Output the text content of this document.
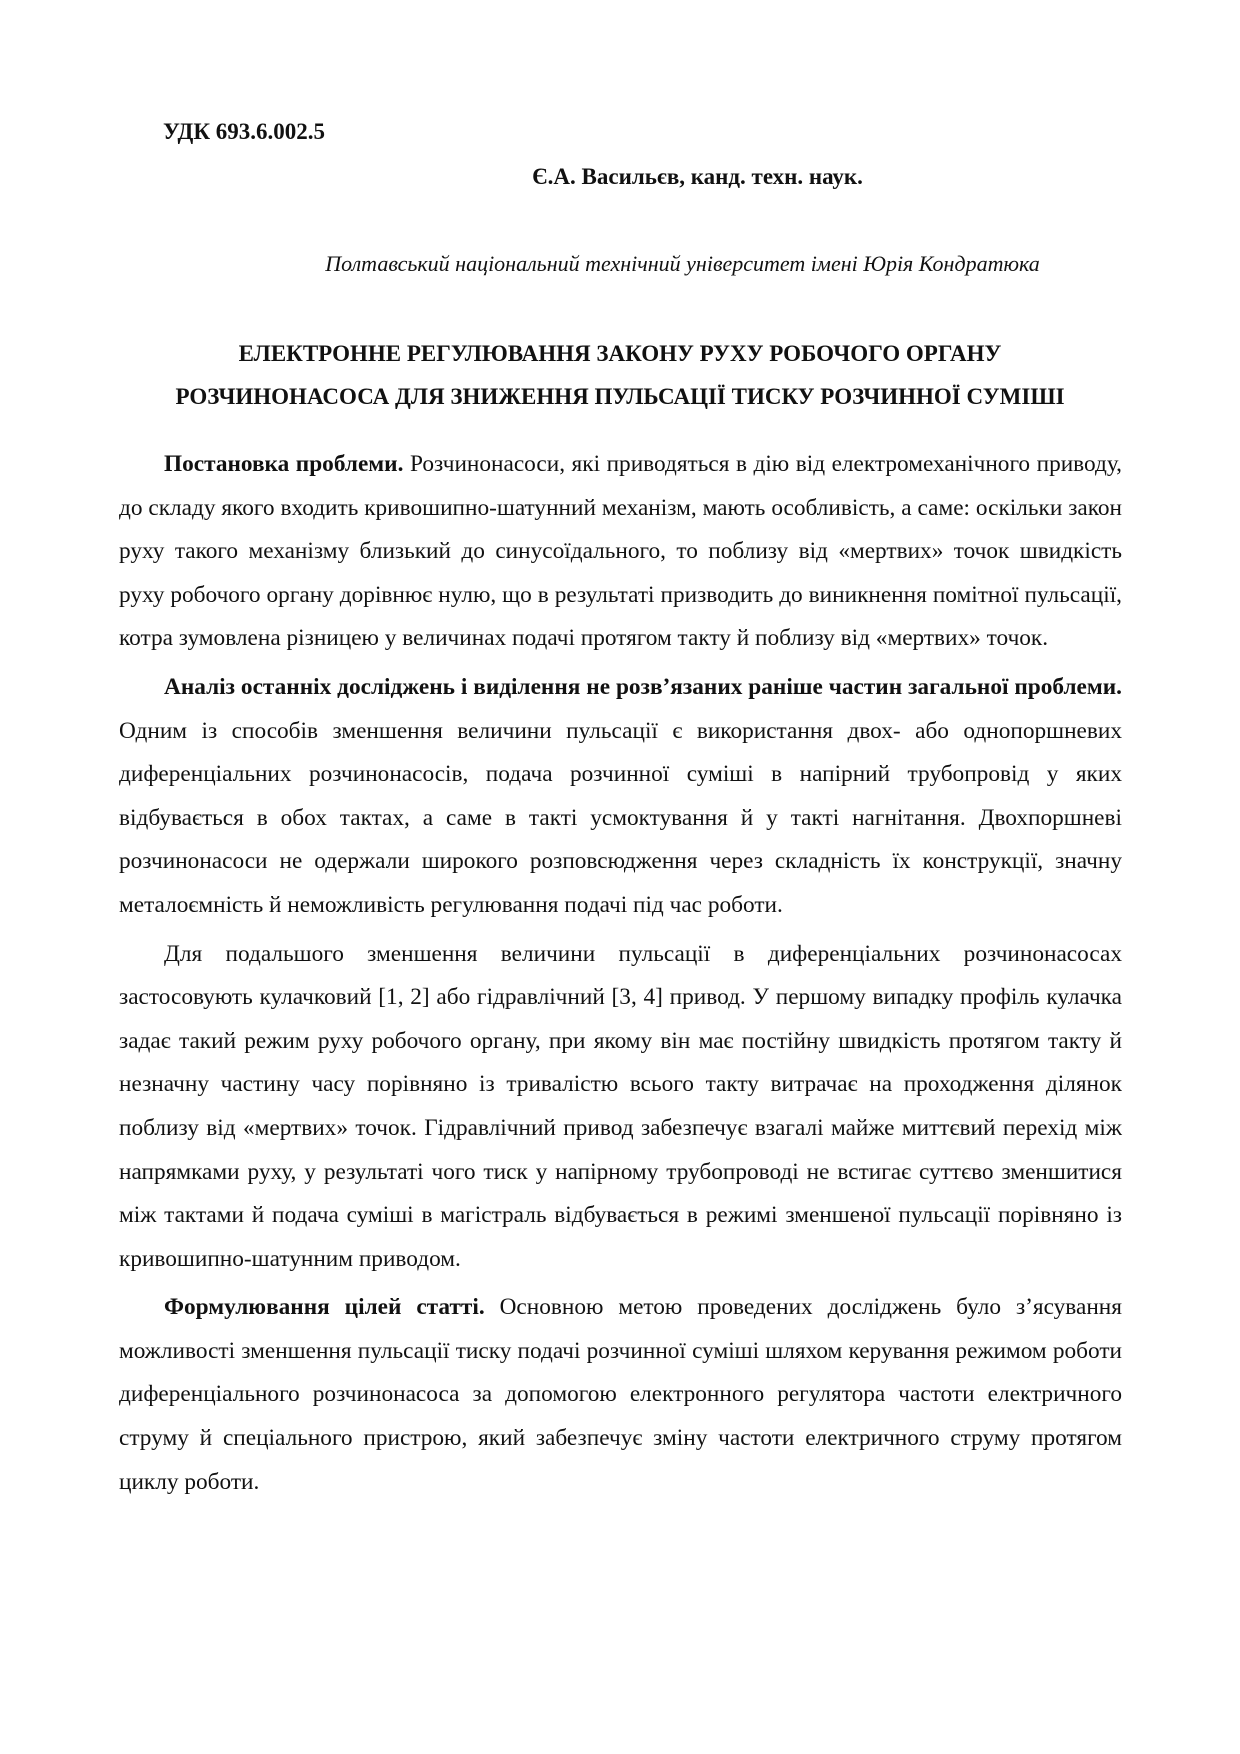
УДК 693.6.002.5
Є.А. Васильєв, канд. техн. наук.
Полтавський національний технічний університет імені Юрія Кондратюка
ЕЛЕКТРОННЕ РЕГУЛЮВАННЯ ЗАКОНУ РУХУ РОБОЧОГО ОРГАНУ
РОЗЧИНОНАСОСА ДЛЯ ЗНИЖЕННЯ ПУЛЬСАЦІЇ ТИСКУ РОЗЧИННОЇ СУМІШІ

Постановка проблеми. Розчинонасоси, які приводяться в дію від електромеханічного приводу, до складу якого входить кривошипно-шатунний механізм, мають особливість, а саме: оскільки закон руху такого механізму близький до синусоїдального, то поблизу від «мертвих» точок швидкість руху робочого органу дорівнює нулю, що в результаті призводить до виникнення помітної пульсації, котра зумовлена різницею у величинах подачі протягом такту й поблизу від «мертвих» точок.

Аналіз останніх досліджень і виділення не розв’язаних раніше частин загальної проблеми. Одним із способів зменшення величини пульсації є використання двох- або однопоршневих диференціальних розчинонасосів, подача розчинної суміші в напірний трубопровід у яких відбувається в обох тактах, а саме в такті усмоктування й у такті нагнітання. Двохпоршневі розчинонасоси не одержали широкого розповсюдження через складність їх конструкції, значну металоємність й неможливість регулювання подачі під час роботи.

Для подальшого зменшення величини пульсації в диференціальних розчинонасосах застосовують кулачковий [1, 2] або гідравлічний [3, 4] привод. У першому випадку профіль кулачка задає такий режим руху робочого органу, при якому він має постійну швидкість протягом такту й незначну частину часу порівняно із тривалістю всього такту витрачає на проходження ділянок поблизу від «мертвих» точок. Гідравлічний привод забезпечує взагалі майже миттєвий перехід між напрямками руху, у результаті чого тиск у напірному трубопроводі не встигає суттєво зменшитися між тактами й подача суміші в магістраль відбувається в режимі зменшеної пульсації порівняно із кривошипно-шатунним приводом.

Формулювання цілей статті. Основною метою проведених досліджень було з’ясування можливості зменшення пульсації тиску подачі розчинної суміші шляхом керування режимом роботи диференціального розчинонасоса за допомогою електронного регулятора частоти електричного струму й спеціального пристрою, який забезпечує зміну частоти електричного струму протягом циклу роботи.
